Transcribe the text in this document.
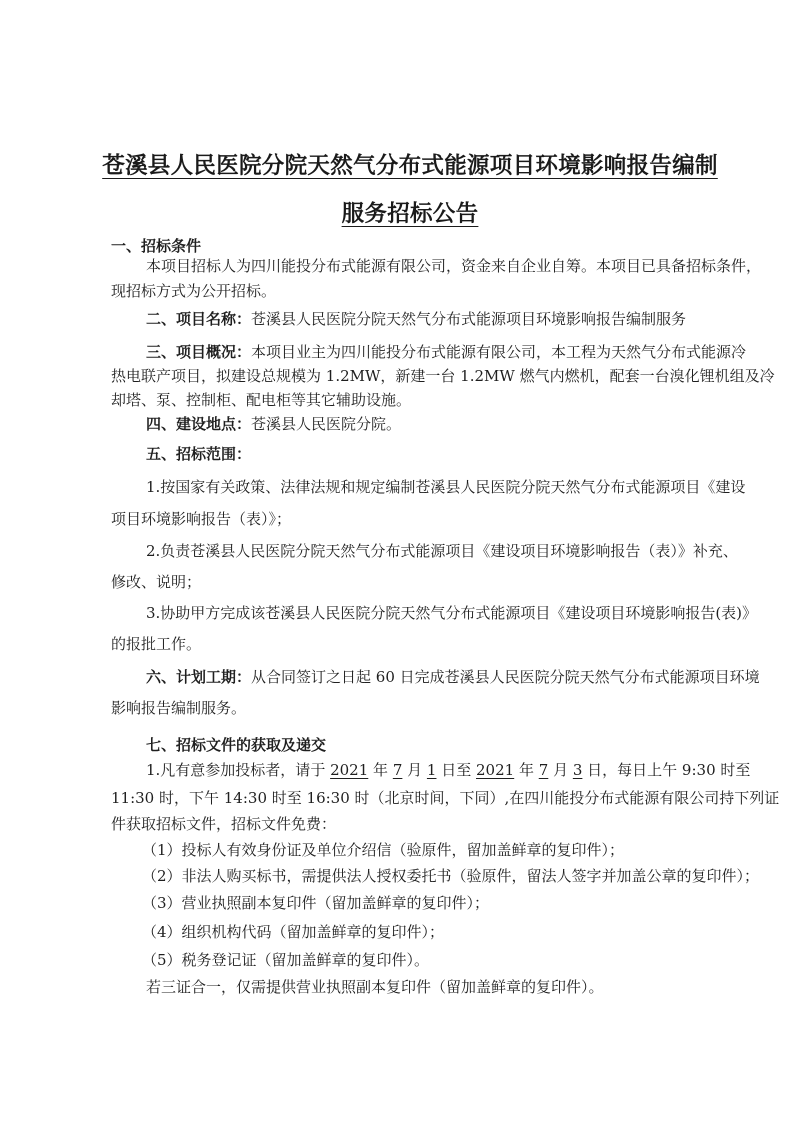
苍溪县人民医院分院天然气分布式能源项目环境影响报告编制
服务招标公告
一、招标条件
本项目招标人为四川能投分布式能源有限公司，资金来自企业自筹。本项目已具备招标条件，
现招标方式为公开招标。
二、项目名称：苍溪县人民医院分院天然气分布式能源项目环境影响报告编制服务
三、项目概况：本项目业主为四川能投分布式能源有限公司，本工程为天然气分布式能源冷
热电联产项目，拟建设总规模为 1.2MW，新建一台 1.2MW 燃气内燃机，配套一台溴化锂机组及冷
却塔、泵、控制柜、配电柜等其它辅助设施。
四、建设地点：苍溪县人民医院分院。
五、招标范围：
1.按国家有关政策、法律法规和规定编制苍溪县人民医院分院天然气分布式能源项目《建设
项目环境影响报告（表）》；
2.负责苍溪县人民医院分院天然气分布式能源项目《建设项目环境影响报告（表）》补充、
修改、说明；
3.协助甲方完成该苍溪县人民医院分院天然气分布式能源项目《建设项目环境影响报告(表)》
的报批工作。
六、计划工期：从合同签订之日起 60 日完成苍溪县人民医院分院天然气分布式能源项目环境
影响报告编制服务。
七、招标文件的获取及递交
1.凡有意参加投标者，请于 2021 年 7 月 1 日至 2021 年 7 月 3 日，每日上午 9:30 时至
11:30 时，下午 14:30 时至 16:30 时（北京时间，下同）,在四川能投分布式能源有限公司持下列证
件获取招标文件，招标文件免费：
（1）投标人有效身份证及单位介绍信（验原件，留加盖鲜章的复印件）；
（2）非法人购买标书，需提供法人授权委托书（验原件，留法人签字并加盖公章的复印件）；
（3）营业执照副本复印件（留加盖鲜章的复印件）；
（4）组织机构代码（留加盖鲜章的复印件）；
（5）税务登记证（留加盖鲜章的复印件）。
若三证合一，仅需提供营业执照副本复印件（留加盖鲜章的复印件）。
